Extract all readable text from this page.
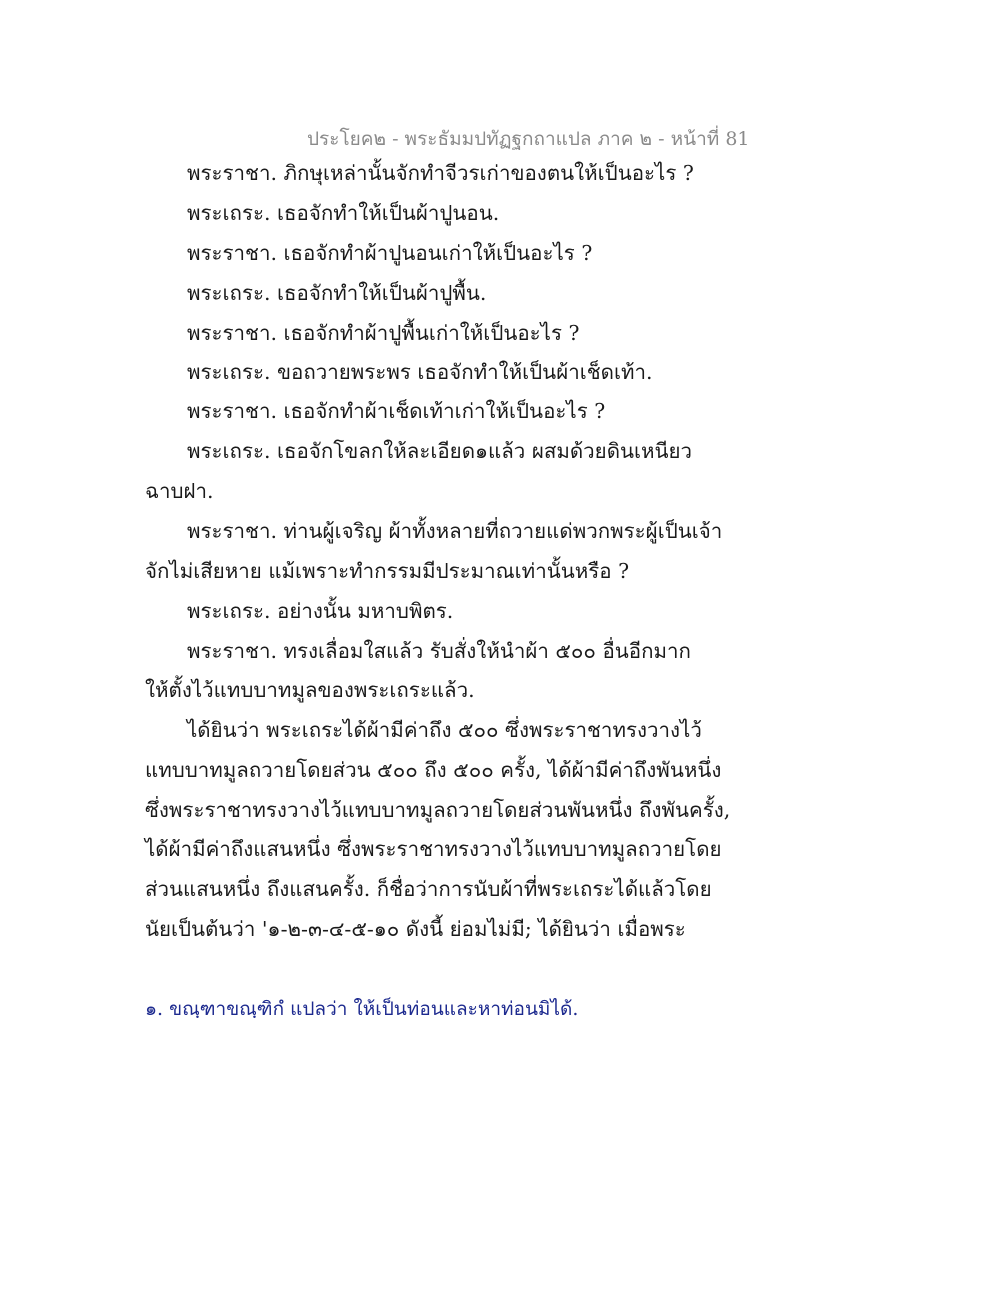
ประโยค๒ - พระธัมมปทัฏฐกถาแปล ภาค ๒ - หน้าที่ 81
พระราชา. ภิกษุเหล่านั้นจักทำจีวรเก่าของตนให้เป็นอะไร ?
พระเถระ. เธอจักทำให้เป็นผ้าปูนอน.
พระราชา. เธอจักทำผ้าปูนอนเก่าให้เป็นอะไร ?
พระเถระ. เธอจักทำให้เป็นผ้าปูพื้น.
พระราชา. เธอจักทำผ้าปูพื้นเก่าให้เป็นอะไร ?
พระเถระ. ขอถวายพระพร เธอจักทำให้เป็นผ้าเช็ดเท้า.
พระราชา. เธอจักทำผ้าเช็ดเท้าเก่าให้เป็นอะไร ?
พระเถระ. เธอจักโขลกให้ละเอียด๑แล้ว ผสมด้วยดินเหนียว
ฉาบฝา.
พระราชา. ท่านผู้เจริญ ผ้าทั้งหลายที่ถวายแด่พวกพระผู้เป็นเจ้า
จักไม่เสียหาย แม้เพราะทำกรรมมีประมาณเท่านั้นหรือ ?
พระเถระ. อย่างนั้น มหาบพิตร.
พระราชา. ทรงเลื่อมใสแล้ว รับสั่งให้นำผ้า ๕๐๐ อื่นอีกมาก
ให้ตั้งไว้แทบบาทมูลของพระเถระแล้ว.
ได้ยินว่า พระเถระได้ผ้ามีค่าถึง ๕๐๐ ซึ่งพระราชาทรงวางไว้
แทบบาทมูลถวายโดยส่วน ๕๐๐ ถึง ๕๐๐ ครั้ง, ได้ผ้ามีค่าถึงพันหนึ่ง
ซึ่งพระราชาทรงวางไว้แทบบาทมูลถวายโดยส่วนพันหนึ่ง ถึงพันครั้ง,
ได้ผ้ามีค่าถึงแสนหนึ่ง ซึ่งพระราชาทรงวางไว้แทบบาทมูลถวายโดย
ส่วนแสนหนึ่ง ถึงแสนครั้ง. ก็ชื่อว่าการนับผ้าที่พระเถระได้แล้วโดย
นัยเป็นต้นว่า '๑-๒-๓-๔-๕-๑๐ ดังนี้ ย่อมไม่มี; ได้ยินว่า เมื่อพระ
๑. ขณฺฑาขณฺฑิกํ แปลว่า ให้เป็นท่อนและหาท่อนมิได้.
